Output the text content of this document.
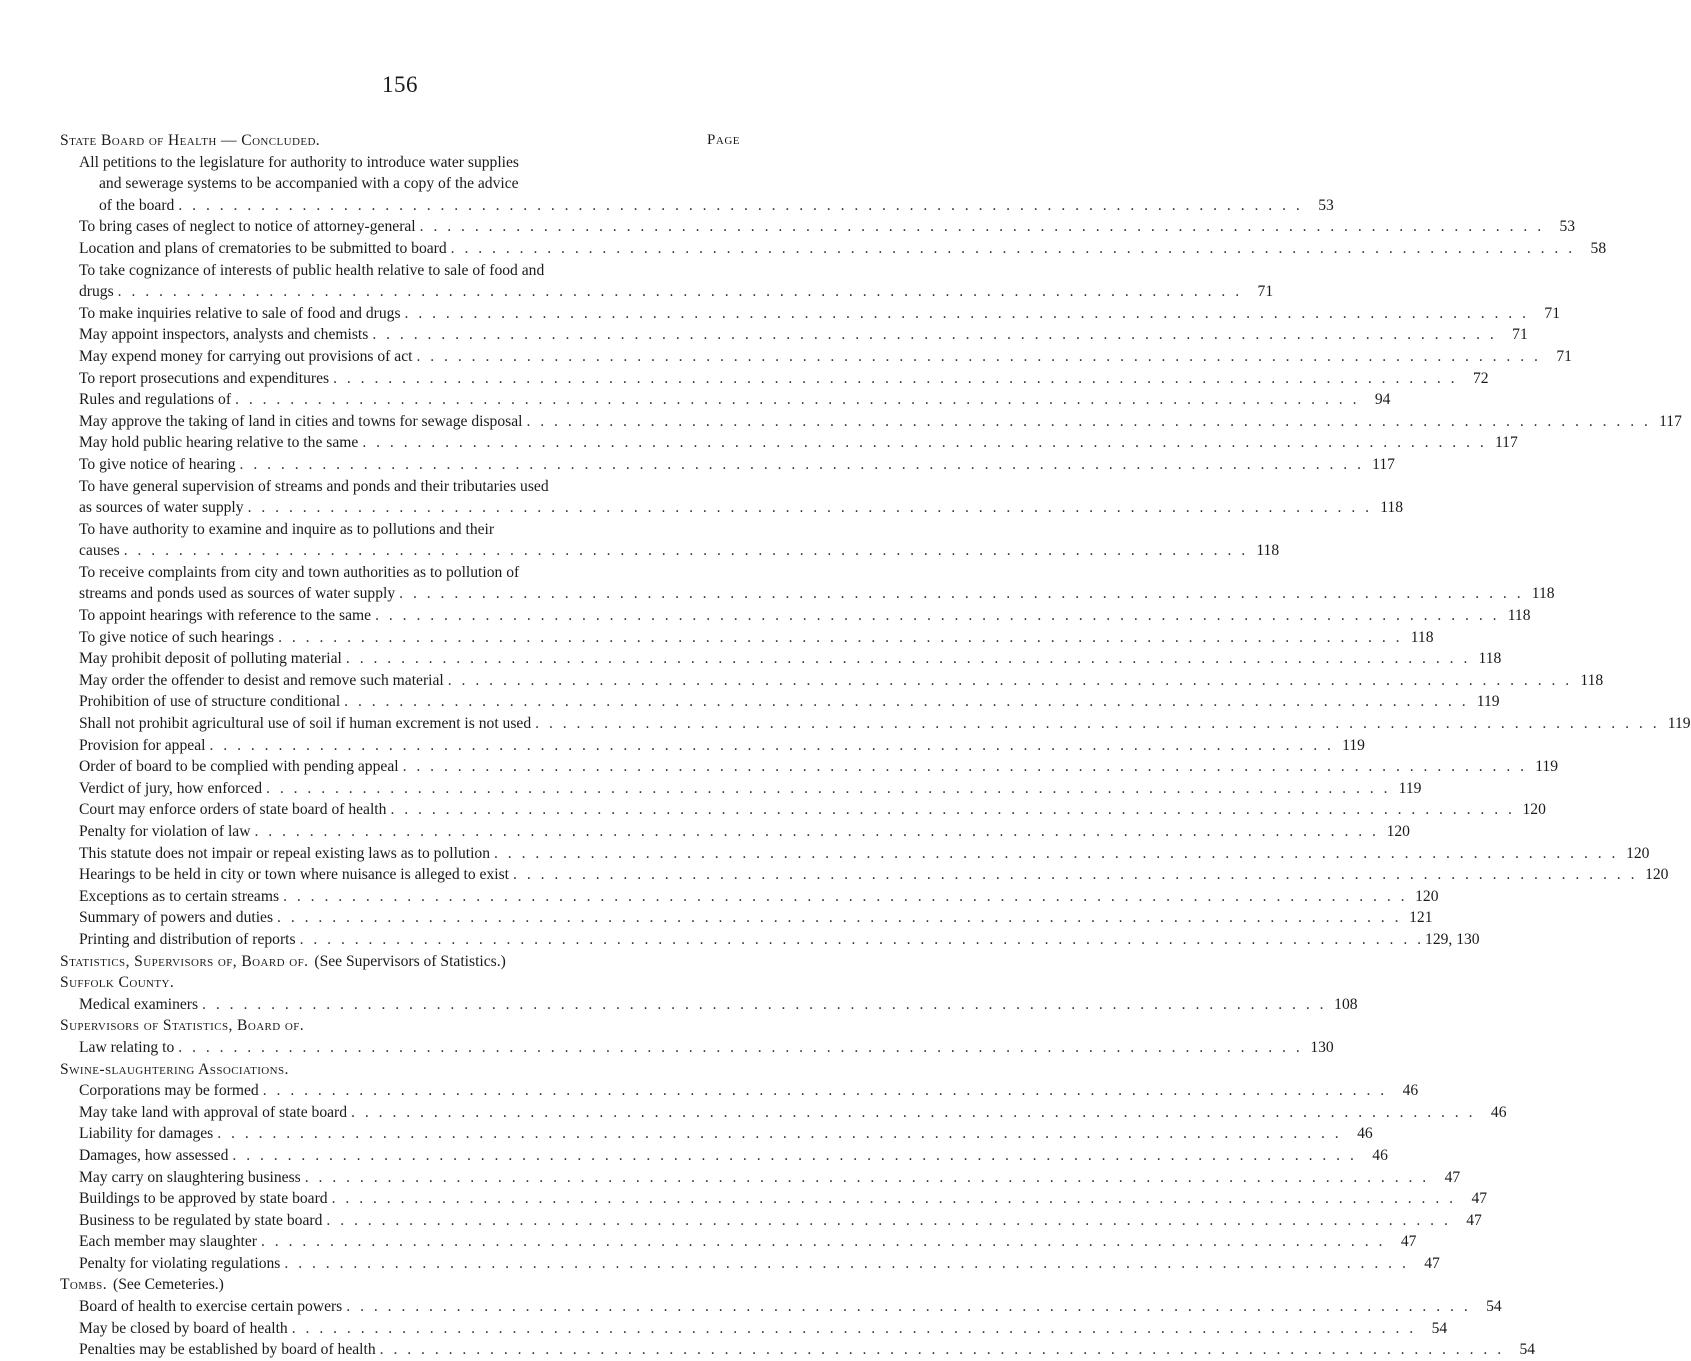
156
State Board of Health — Concluded.	Page
All petitions to the legislature for authority to introduce water supplies
and sewerage systems to be accompanied with a copy of the advice
of the board . . .	53
To bring cases of neglect to notice of attorney-general . . .	53
Location and plans of crematories to be submitted to board . . .	58
To take cognizance of interests of public health relative to sale of food and
drugs . . .	71
To make inquiries relative to sale of food and drugs . . .	71
May appoint inspectors, analysts and chemists . . .	71
May expend money for carrying out provisions of act . . .	71
To report prosecutions and expenditures . . .	72
Rules and regulations of . . .	94
May approve the taking of land in cities and towns for sewage disposal . . .	117
May hold public hearing relative to the same . . .	117
To give notice of hearing . . .	117
To have general supervision of streams and ponds and their tributaries used
as sources of water supply . . .	118
To have authority to examine and inquire as to pollutions and their
causes . . .	118
To receive complaints from city and town authorities as to pollution of
streams and ponds used as sources of water supply . . .	118
To appoint hearings with reference to the same . . .	118
To give notice of such hearings . . .	118
May prohibit deposit of polluting material . . .	118
May order the offender to desist and remove such material . . .	118
Prohibition of use of structure conditional . . .	119
Shall not prohibit agricultural use of soil if human excrement is not used . . .	119
Provision for appeal . . .	119
Order of board to be complied with pending appeal . . .	119
Verdict of jury, how enforced . . .	119
Court may enforce orders of state board of health . . .	120
Penalty for violation of law . . .	120
This statute does not impair or repeal existing laws as to pollution . . .	120
Hearings to be held in city or town where nuisance is alleged to exist . . .	120
Exceptions as to certain streams . . .	120
Summary of powers and duties . . .	121
Printing and distribution of reports . . .	129, 130
Statistics, Supervisors of, Board of. (See Supervisors of Statistics.)
Suffolk County.
Medical examiners . . .	108
Supervisors of Statistics, Board of.
Law relating to . . .	130
Swine-slaughtering Associations.
Corporations may be formed . . .	46
May take land with approval of state board . . .	46
Liability for damages . . .	46
Damages, how assessed . . .	46
May carry on slaughtering business . . .	47
Buildings to be approved by state board . . .	47
Business to be regulated by state board . . .	47
Each member may slaughter . . .	47
Penalty for violating regulations . . .	47
Tombs. (See Cemeteries.)
Board of health to exercise certain powers . . .	54
May be closed by board of health . . .	54
Penalties may be established by board of health . . .	54
